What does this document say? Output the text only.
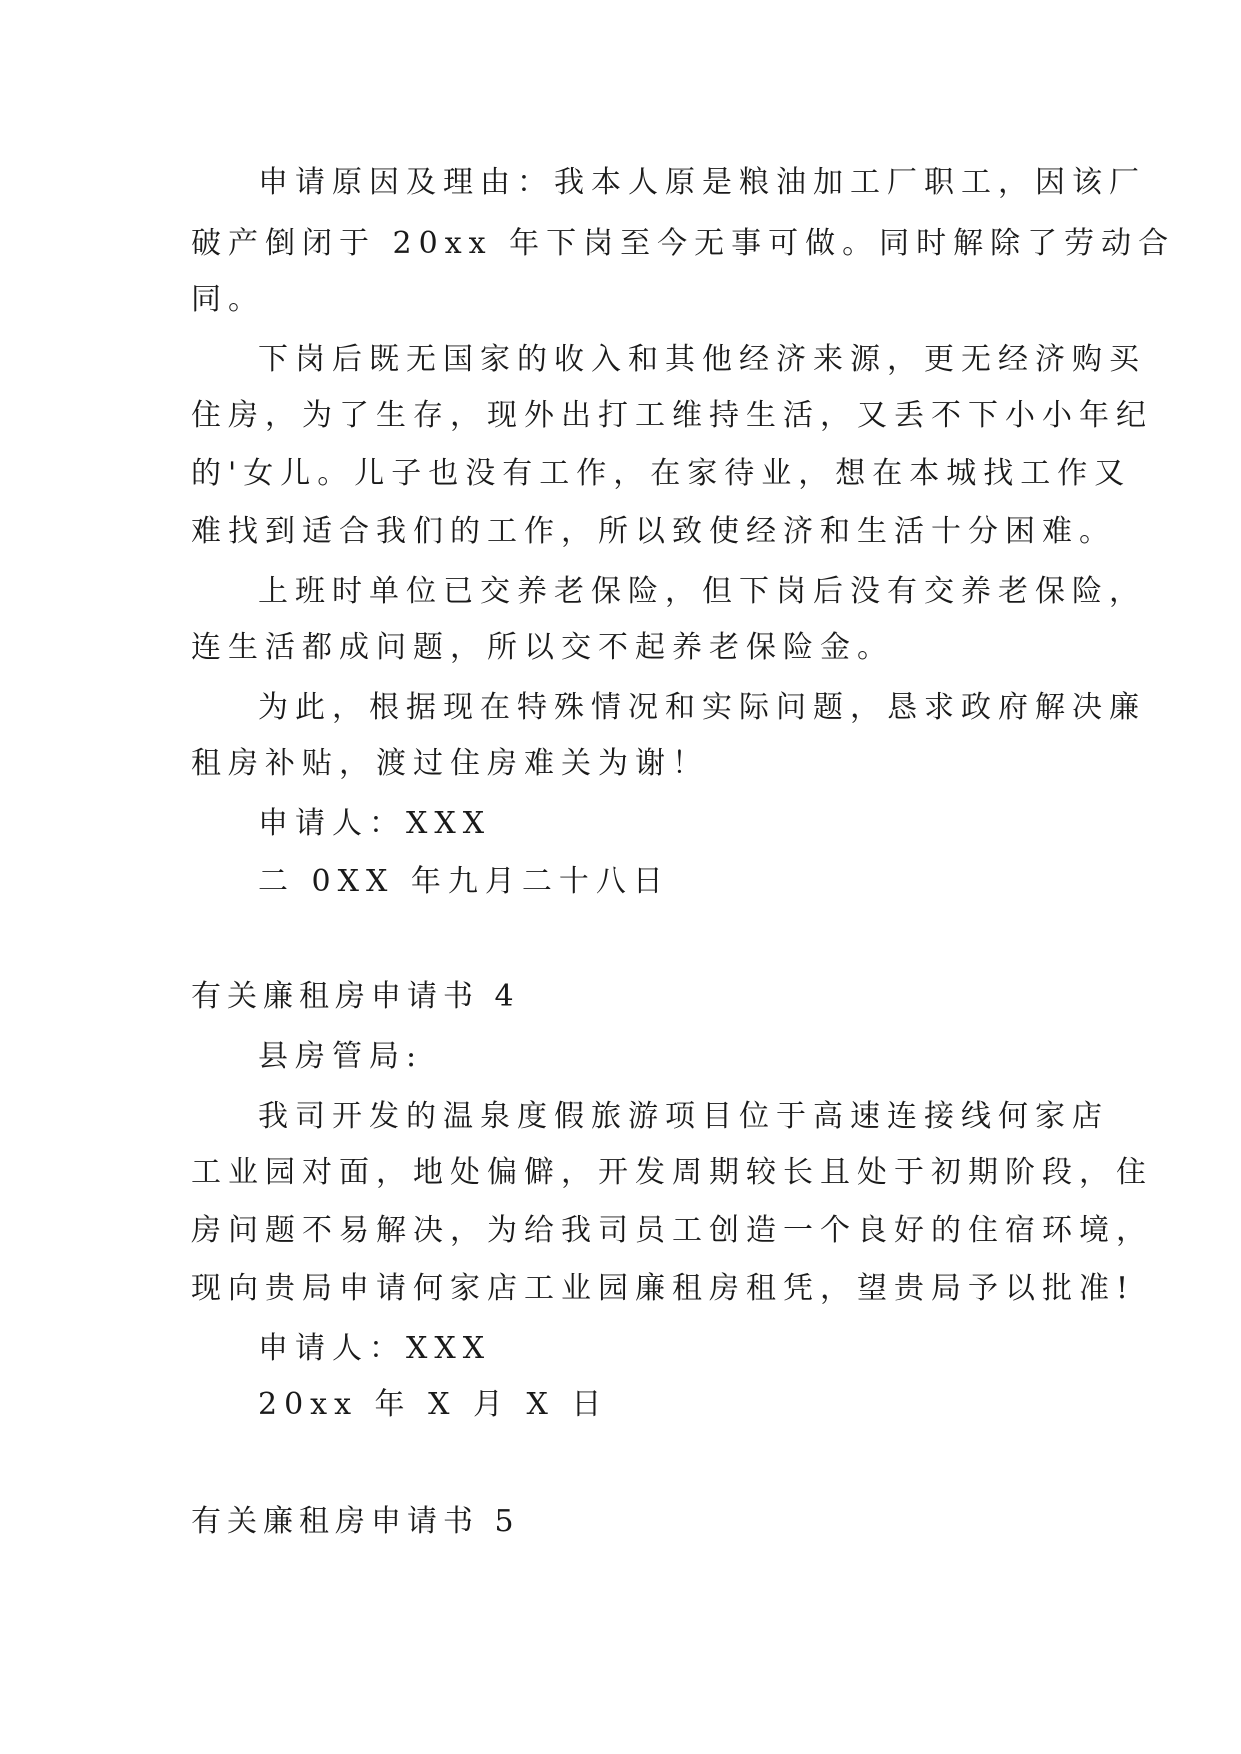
申请原因及理由：我本人原是粮油加工厂职工，因该厂
破产倒闭于 20xx 年下岗至今无事可做。同时解除了劳动合
同。
下岗后既无国家的收入和其他经济来源，更无经济购买
住房，为了生存，现外出打工维持生活，又丢不下小小年纪
的'女儿。儿子也没有工作，在家待业，想在本城找工作又
难找到适合我们的工作，所以致使经济和生活十分困难。
上班时单位已交养老保险，但下岗后没有交养老保险，
连生活都成问题，所以交不起养老保险金。
为此，根据现在特殊情况和实际问题，恳求政府解决廉
租房补贴，渡过住房难关为谢！
申请人：XXX
二 0XX 年九月二十八日
有关廉租房申请书 4
县房管局:
我司开发的温泉度假旅游项目位于高速连接线何家店
工业园对面，地处偏僻，开发周期较长且处于初期阶段，住
房问题不易解决，为给我司员工创造一个良好的住宿环境，
现向贵局申请何家店工业园廉租房租凭，望贵局予以批准!
申请人：XXX
20xx 年 X 月 X 日
有关廉租房申请书 5
